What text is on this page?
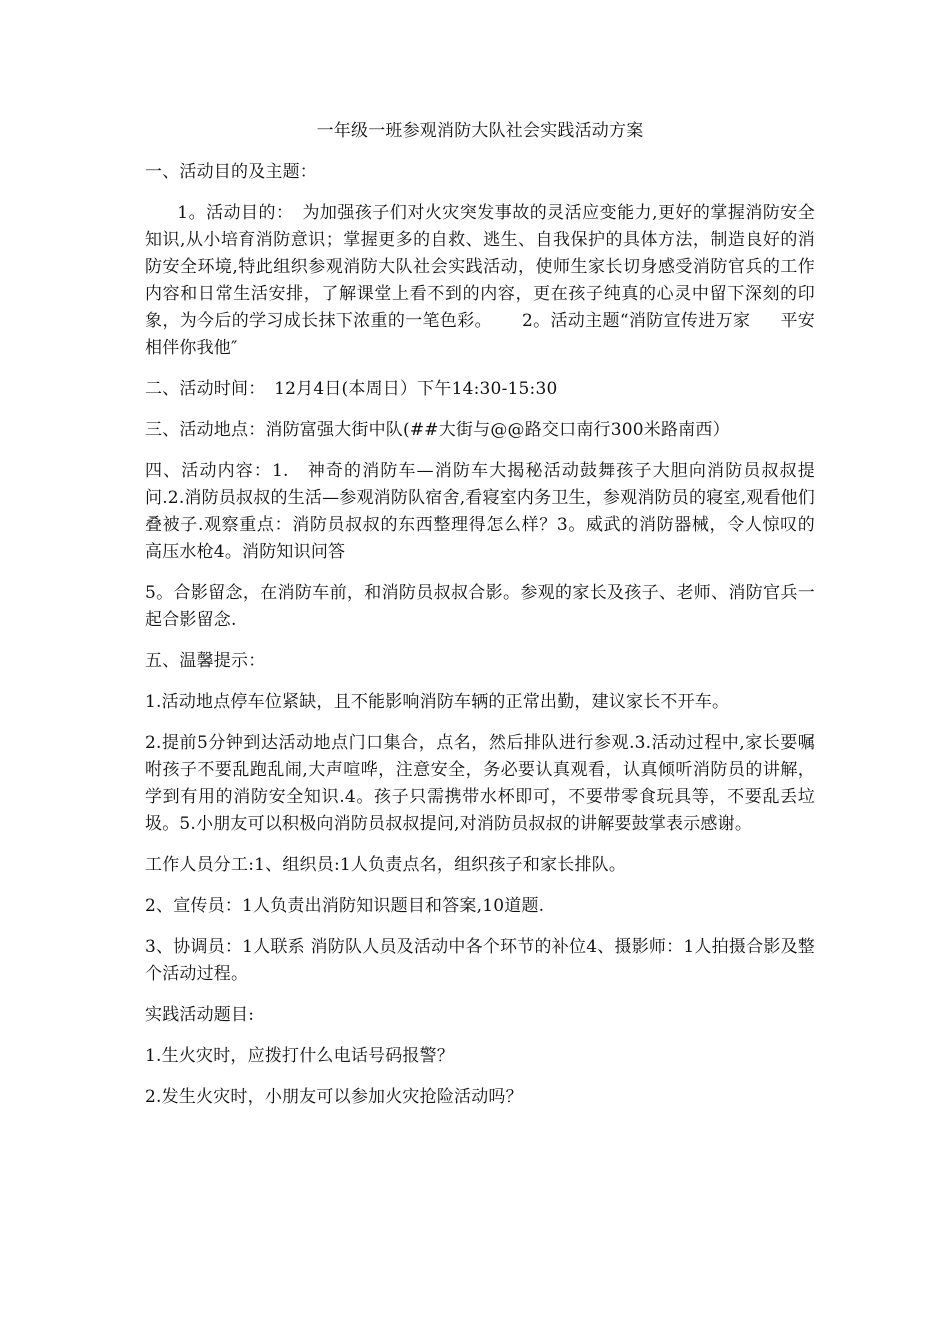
一年级一班参观消防大队社会实践活动方案
一、活动目的及主题：
1。活动目的：　为加强孩子们对火灾突发事故的灵活应变能力,更好的掌握消防安全知识,从小培育消防意识；掌握更多的自救、逃生、自我保护的具体方法，制造良好的消防安全环境,特此组织参观消防大队社会实践活动，使师生家长切身感受消防官兵的工作内容和日常生活安排，了解课堂上看不到的内容，更在孩子纯真的心灵中留下深刻的印象，为今后的学习成长抹下浓重的一笔色彩。 2。活动主题“消防宣传进万家 平安相伴你我他″
二、活动时间：　12月4日(本周日）下午14:30-15:30
三、活动地点：消防富强大街中队(##大街与@@路交口南行300米路南西）
四、活动内容：1.　神奇的消防车—消防车大揭秘活动鼓舞孩子大胆向消防员叔叔提问.2.消防员叔叔的生活—参观消防队宿舍,看寝室内务卫生，参观消防员的寝室,观看他们叠被子.观察重点：消防员叔叔的东西整理得怎么样？3。威武的消防器械，令人惊叹的高压水枪4。消防知识问答
5。合影留念，在消防车前，和消防员叔叔合影。参观的家长及孩子、老师、消防官兵一起合影留念.
五、温馨提示：
1.活动地点停车位紧缺，且不能影响消防车辆的正常出勤，建议家长不开车。
2.提前5分钟到达活动地点门口集合，点名，然后排队进行参观.3.活动过程中,家长要嘱咐孩子不要乱跑乱闹,大声喧哗，注意安全，务必要认真观看，认真倾听消防员的讲解，学到有用的消防安全知识.4。孩子只需携带水杯即可，不要带零食玩具等，不要乱丢垃圾。5.小朋友可以积极向消防员叔叔提问,对消防员叔叔的讲解要鼓掌表示感谢。
工作人员分工:1、组织员:1人负责点名，组织孩子和家长排队。
2、宣传员：1人负责出消防知识题目和答案,10道题.
3、协调员：1人联系 消防队人员及活动中各个环节的补位4、摄影师：1人拍摄合影及整个活动过程。
实践活动题目:
1.生火灾时，应拨打什么电话号码报警？
2.发生火灾时，小朋友可以参加火灾抢险活动吗？
